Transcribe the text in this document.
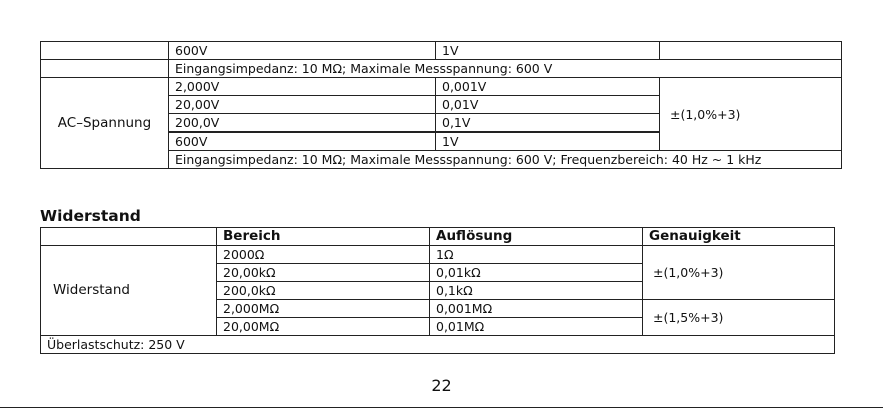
	600V	1V	
	Eingangsimpedanz: 10 MΩ; Maximale Messspannung: 600 V		
AC–Spannung	2,000V	0,001V	±(1,0%+3)
	20,00V	0,01V	
	200,0V	0,1V	
	600V	1V	
	Eingangsimpedanz: 10 MΩ; Maximale Messspannung: 600 V; Frequenzbereich: 40 Hz ~ 1 kHz		
Widerstand
	Bereich	Auflösung	Genauigkeit
Widerstand	2000Ω	1Ω	±(1,0%+3)
	20,00kΩ	0,01kΩ	
	200,0kΩ	0,1kΩ	
	2,000MΩ	0,001MΩ	±(1,5%+3)
	20,00MΩ	0,01MΩ	
Überlastschutz: 250 V			
22
